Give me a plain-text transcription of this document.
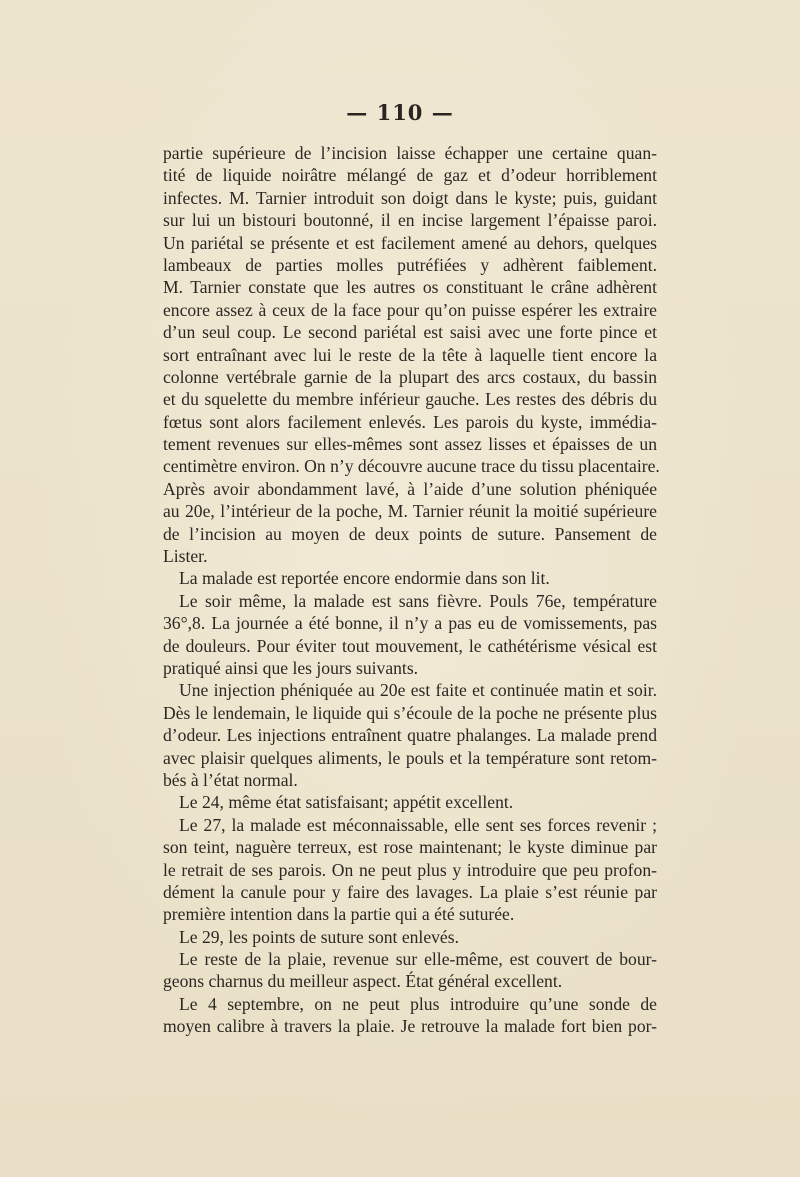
— 110 —
partie supérieure de l’incision laisse échapper une certaine quan-
tité de liquide noirâtre mélangé de gaz et d’odeur horriblement
infectes. M. Tarnier introduit son doigt dans le kyste; puis, guidant
sur lui un bistouri boutonné, il en incise largement l’épaisse paroi.
Un pariétal se présente et est facilement amené au dehors, quelques
lambeaux de parties molles putréfiées y adhèrent faiblement.
M. Tarnier constate que les autres os constituant le crâne adhèrent
encore assez à ceux de la face pour qu’on puisse espérer les extraire
d’un seul coup. Le second pariétal est saisi avec une forte pince et
sort entraînant avec lui le reste de la tête à laquelle tient encore la
colonne vertébrale garnie de la plupart des arcs costaux, du bassin
et du squelette du membre inférieur gauche. Les restes des débris du
fœtus sont alors facilement enlevés. Les parois du kyste, immédia-
tement revenues sur elles-mêmes sont assez lisses et épaisses de un
centimètre environ. On n’y découvre aucune trace du tissu placentaire.
Après avoir abondamment lavé, à l’aide d’une solution phéniquée
au 20e, l’intérieur de la poche, M. Tarnier réunit la moitié supérieure
de l’incision au moyen de deux points de suture. Pansement de
Lister.
La malade est reportée encore endormie dans son lit.
Le soir même, la malade est sans fièvre. Pouls 76e, température
36°,8. La journée a été bonne, il n’y a pas eu de vomissements, pas
de douleurs. Pour éviter tout mouvement, le cathétérisme vésical est
pratiqué ainsi que les jours suivants.
Une injection phéniquée au 20e est faite et continuée matin et soir.
Dès le lendemain, le liquide qui s’écoule de la poche ne présente plus
d’odeur. Les injections entraînent quatre phalanges. La malade prend
avec plaisir quelques aliments, le pouls et la température sont retom-
bés à l’état normal.
Le 24, même état satisfaisant; appétit excellent.
Le 27, la malade est méconnaissable, elle sent ses forces revenir ;
son teint, naguère terreux, est rose maintenant; le kyste diminue par
le retrait de ses parois. On ne peut plus y introduire que peu profon-
dément la canule pour y faire des lavages. La plaie s’est réunie par
première intention dans la partie qui a été suturée.
Le 29, les points de suture sont enlevés.
Le reste de la plaie, revenue sur elle-même, est couvert de bour-
geons charnus du meilleur aspect. État général excellent.
Le 4 septembre, on ne peut plus introduire qu’une sonde de
moyen calibre à travers la plaie. Je retrouve la malade fort bien por-
